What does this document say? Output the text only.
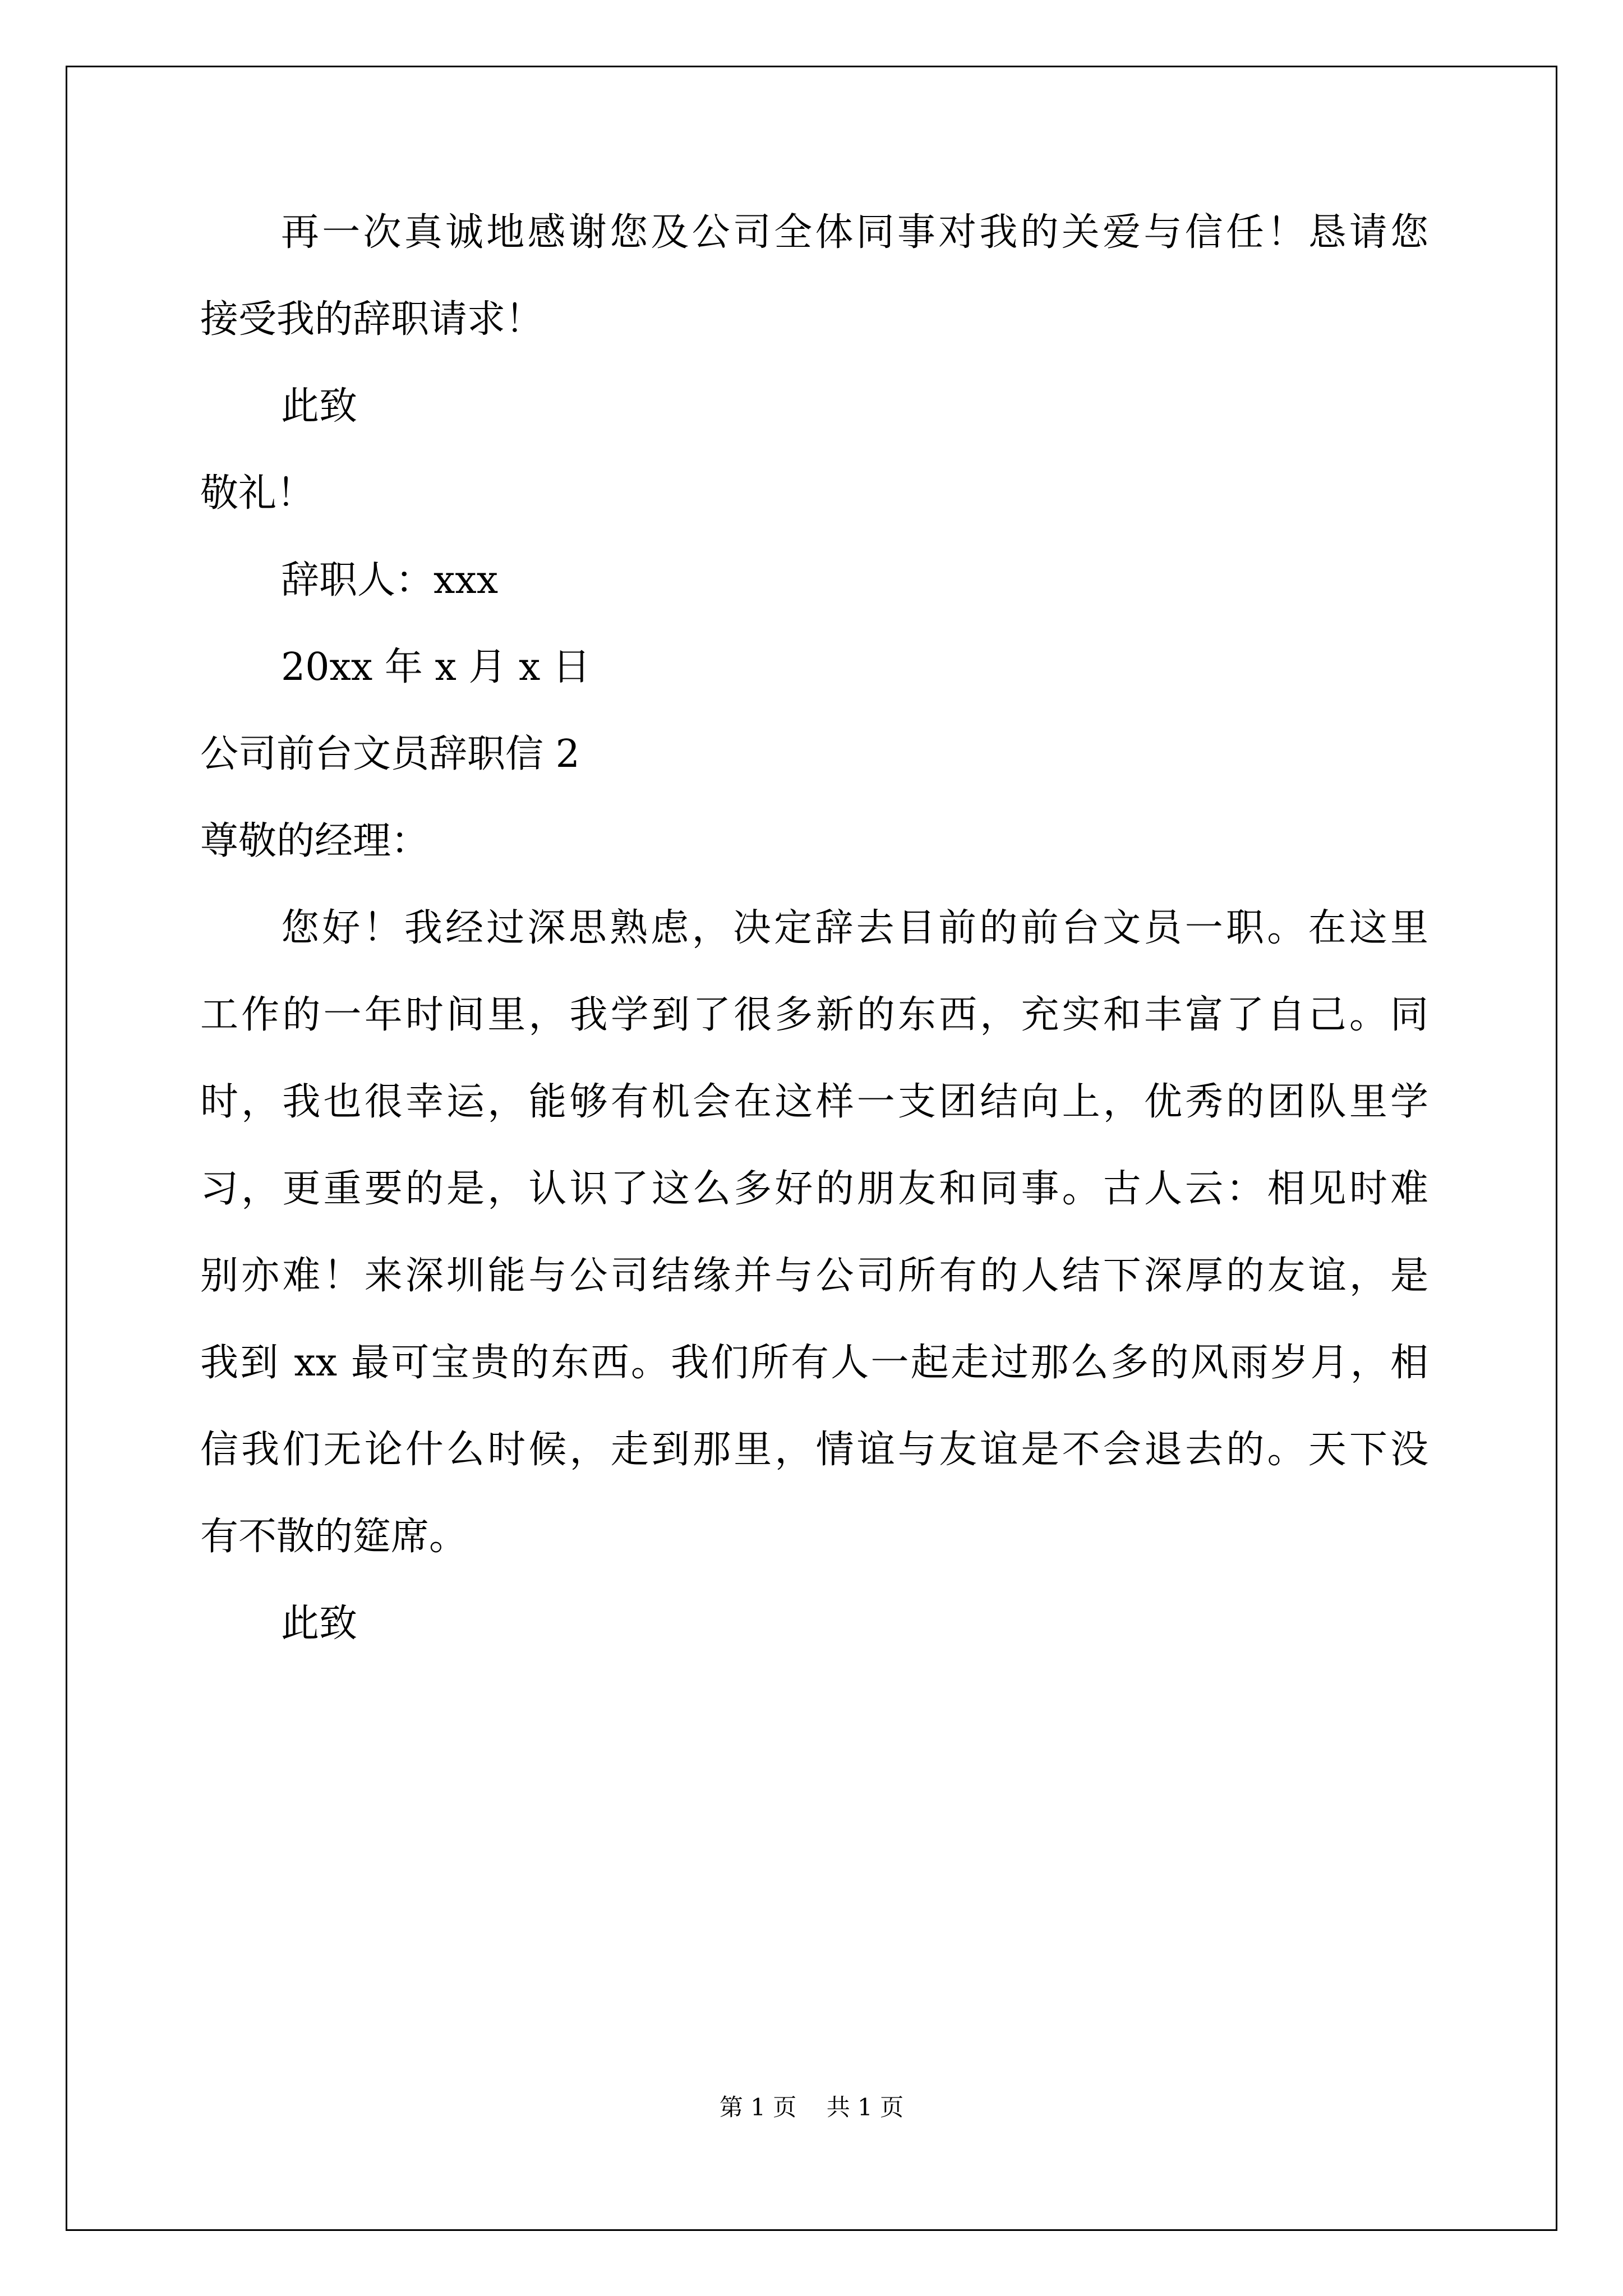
再一次真诚地感谢您及公司全体同事对我的关爱与信任！恳请您
接受我的辞职请求！
此致
敬礼！
辞职人：xxx
20xx 年 x 月 x 日
公司前台文员辞职信 2
尊敬的经理：
您好！我经过深思熟虑，决定辞去目前的前台文员一职。在这里
工作的一年时间里，我学到了很多新的东西，充实和丰富了自己。同
时，我也很幸运，能够有机会在这样一支团结向上，优秀的团队里学
习，更重要的是，认识了这么多好的朋友和同事。古人云：相见时难
别亦难！来深圳能与公司结缘并与公司所有的人结下深厚的友谊，是
我到 xx 最可宝贵的东西。我们所有人一起走过那么多的风雨岁月，相
信我们无论什么时候，走到那里，情谊与友谊是不会退去的。天下没
有不散的筵席。
此致
第 1 页    共 1 页
